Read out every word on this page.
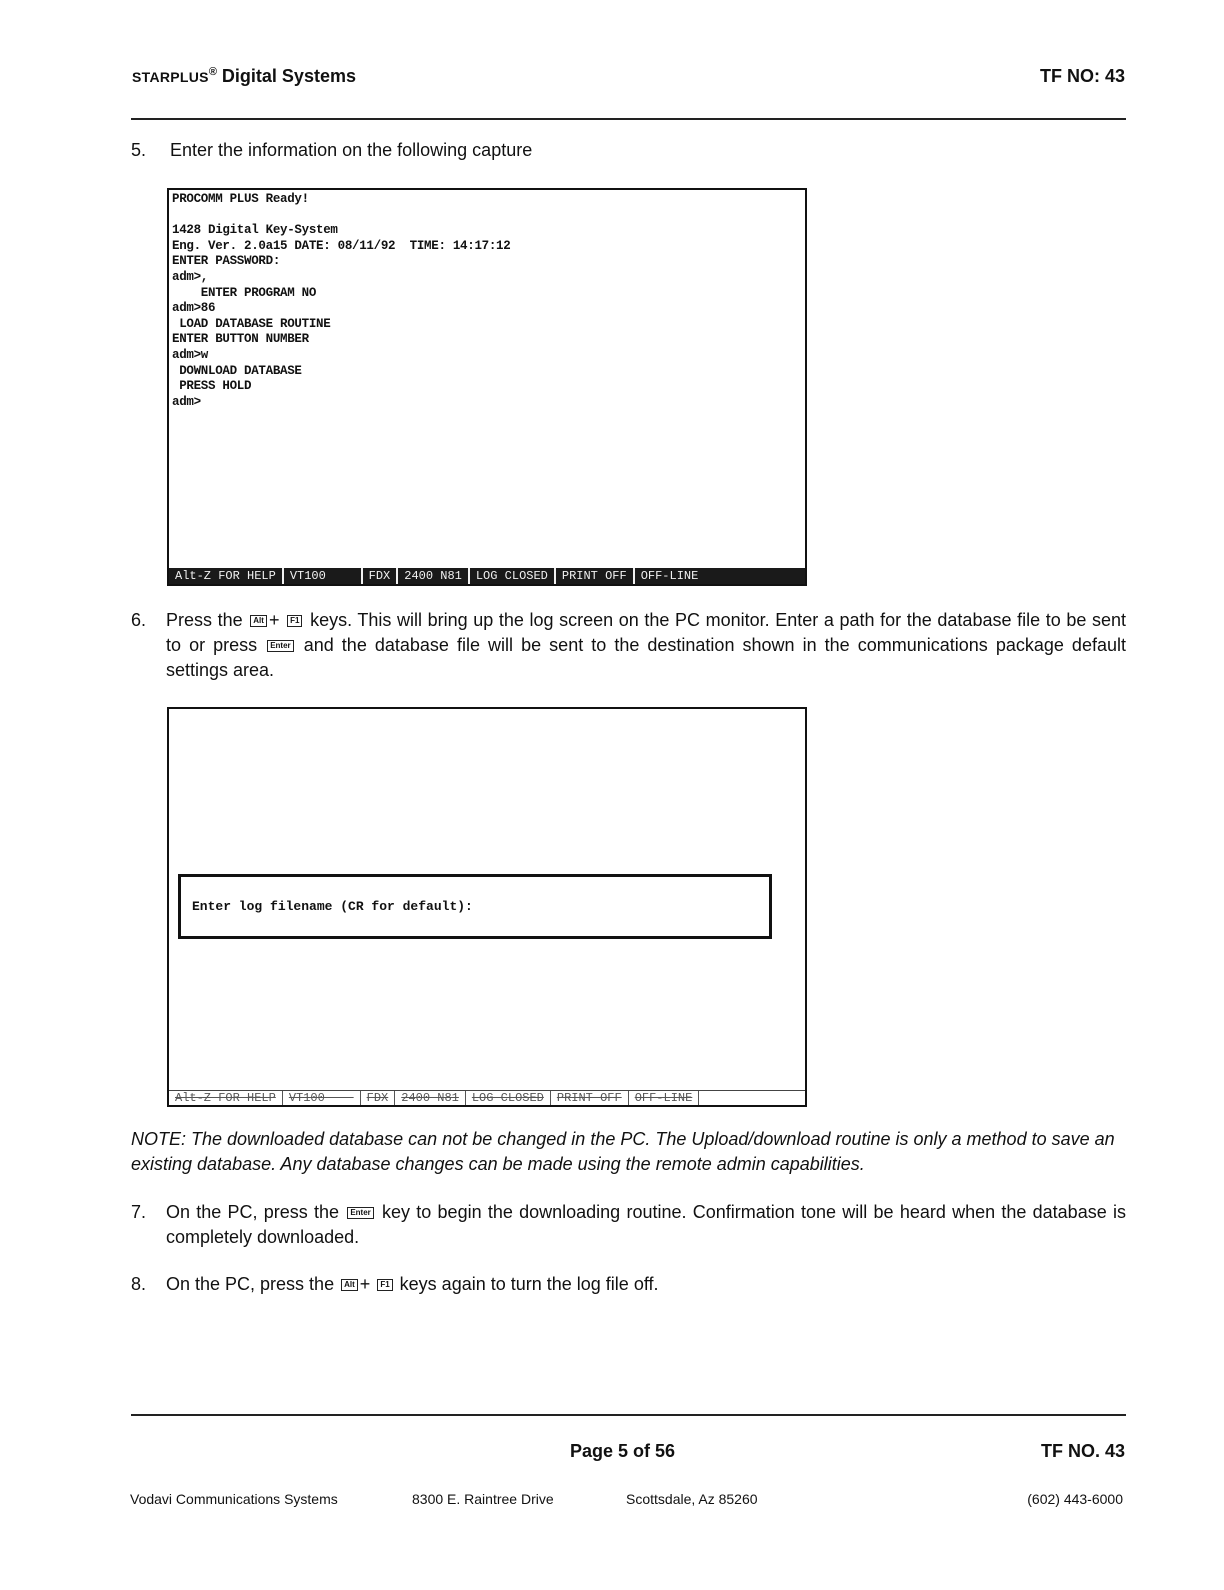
STARPLUS® Digital Systems	TF NO: 43
5. Enter the information on the following capture
PROCOMM PLUS Ready!

1428 Digital Key-System
Eng. Ver. 2.0a15 DATE: 08/11/92  TIME: 14:17:12
ENTER PASSWORD:
adm>,
ENTER PROGRAM NO
adm>86
LOAD DATABASE ROUTINE
ENTER BUTTON NUMBER
adm>w
DOWNLOAD DATABASE
PRESS HOLD
adm>
Alt-Z FOR HELP	VT100	FDX	2400 N81	LOG CLOSED	PRINT OFF	OFF-LINE
6. Press the Alt + F1 keys. This will bring up the log screen on the PC monitor. Enter a path for the database file to be sent to or press Enter and the database file will be sent to the destination shown in the communications package default settings area.
Enter log filename (CR for default):
Alt-Z FOR HELP	VT100	FDX	2400 N81	LOG CLOSED	PRINT OFF	OFF-LINE
NOTE: The downloaded database can not be changed in the PC. The Upload/download routine is only a method to save an existing database. Any database changes can be made using the remote admin capabilities.
7. On the PC, press the Enter key to begin the downloading routine. Confirmation tone will be heard when the database is completely downloaded.
8. On the PC, press the Alt + F1 keys again to turn the log file off.
Page 5 of 56	TF NO. 43
Vodavi Communications Systems	8300 E. Raintree Drive	Scottsdale, Az 85260	(602) 443-6000
